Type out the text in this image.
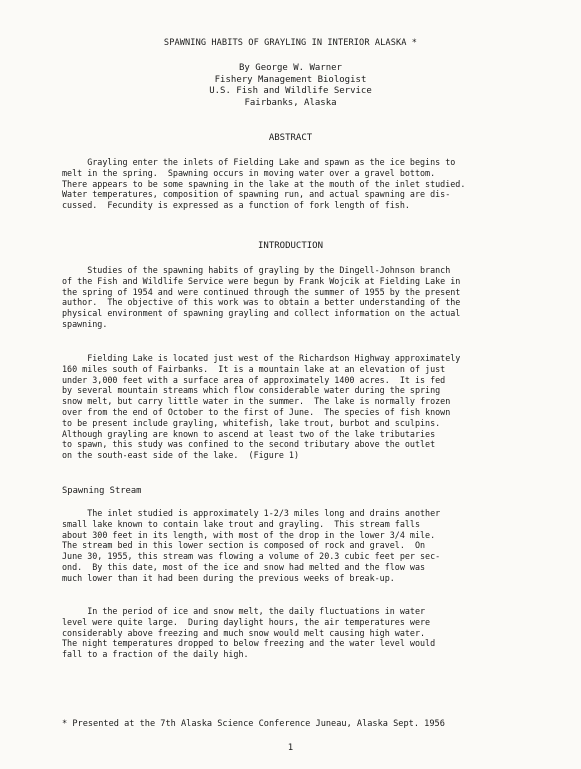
SPAWNING HABITS OF GRAYLING IN INTERIOR ALASKA *
By George W. Warner
Fishery Management Biologist
U.S. Fish and Wildlife Service
Fairbanks, Alaska
ABSTRACT
Grayling enter the inlets of Fielding Lake and spawn as the ice begins to
melt in the spring.  Spawning occurs in moving water over a gravel bottom.
There appears to be some spawning in the lake at the mouth of the inlet studied.
Water temperatures, composition of spawning run, and actual spawning are dis-
cussed.  Fecundity is expressed as a function of fork length of fish.
INTRODUCTION
Studies of the spawning habits of grayling by the Dingell-Johnson branch
of the Fish and Wildlife Service were begun by Frank Wojcik at Fielding Lake in
the spring of 1954 and were continued through the summer of 1955 by the present
author.  The objective of this work was to obtain a better understanding of the
physical environment of spawning grayling and collect information on the actual
spawning.
Fielding Lake is located just west of the Richardson Highway approximately
160 miles south of Fairbanks.  It is a mountain lake at an elevation of just
under 3,000 feet with a surface area of approximately 1400 acres.  It is fed
by several mountain streams which flow considerable water during the spring
snow melt, but carry little water in the summer.  The lake is normally frozen
over from the end of October to the first of June.  The species of fish known
to be present include grayling, whitefish, lake trout, burbot and sculpins.
Although grayling are known to ascend at least two of the lake tributaries
to spawn, this study was confined to the second tributary above the outlet
on the south-east side of the lake.  (Figure 1)
Spawning Stream
The inlet studied is approximately 1-2/3 miles long and drains another
small lake known to contain lake trout and grayling.  This stream falls
about 300 feet in its length, with most of the drop in the lower 3/4 mile.
The stream bed in this lower section is composed of rock and gravel.  On
June 30, 1955, this stream was flowing a volume of 20.3 cubic feet per sec-
ond.  By this date, most of the ice and snow had melted and the flow was
much lower than it had been during the previous weeks of break-up.
In the period of ice and snow melt, the daily fluctuations in water
level were quite large.  During daylight hours, the air temperatures were
considerably above freezing and much snow would melt causing high water.
The night temperatures dropped to below freezing and the water level would
fall to a fraction of the daily high.
* Presented at the 7th Alaska Science Conference Juneau, Alaska Sept. 1956
1
